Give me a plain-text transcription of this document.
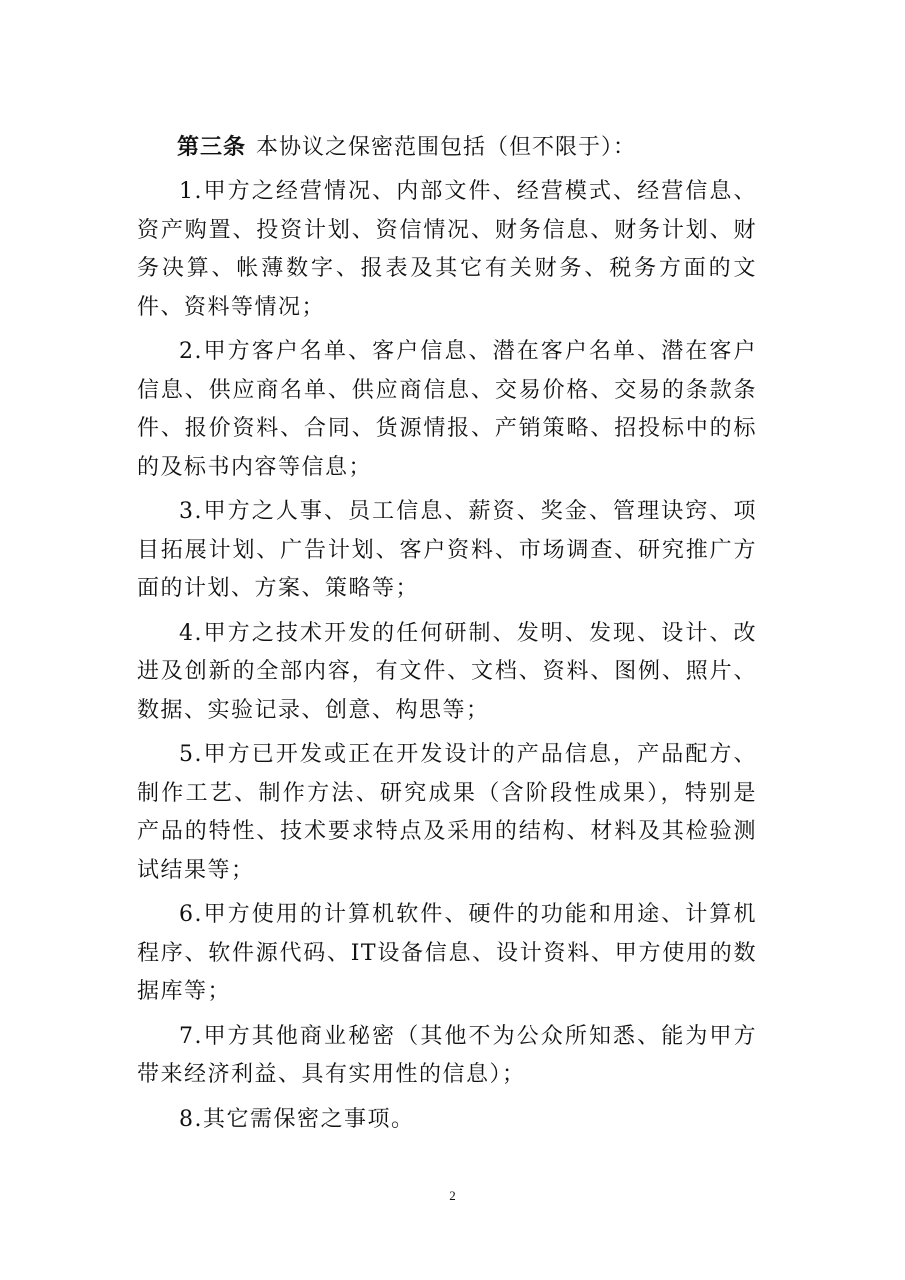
第三条 本协议之保密范围包括（但不限于）：

1.甲方之经营情况、内部文件、经营模式、经营信息、资产购置、投资计划、资信情况、财务信息、财务计划、财务决算、帐薄数字、报表及其它有关财务、税务方面的文件、资料等情况；

2.甲方客户名单、客户信息、潜在客户名单、潜在客户信息、供应商名单、供应商信息、交易价格、交易的条款条件、报价资料、合同、货源情报、产销策略、招投标中的标的及标书内容等信息；

3.甲方之人事、员工信息、薪资、奖金、管理诀窍、项目拓展计划、广告计划、客户资料、市场调查、研究推广方面的计划、方案、策略等；

4.甲方之技术开发的任何研制、发明、发现、设计、改进及创新的全部内容，有文件、文档、资料、图例、照片、数据、实验记录、创意、构思等；

5.甲方已开发或正在开发设计的产品信息，产品配方、制作工艺、制作方法、研究成果（含阶段性成果），特别是产品的特性、技术要求特点及采用的结构、材料及其检验测试结果等；

6.甲方使用的计算机软件、硬件的功能和用途、计算机程序、软件源代码、IT设备信息、设计资料、甲方使用的数据库等；

7.甲方其他商业秘密（其他不为公众所知悉、能为甲方带来经济利益、具有实用性的信息）；

8.其它需保密之事项。

2
